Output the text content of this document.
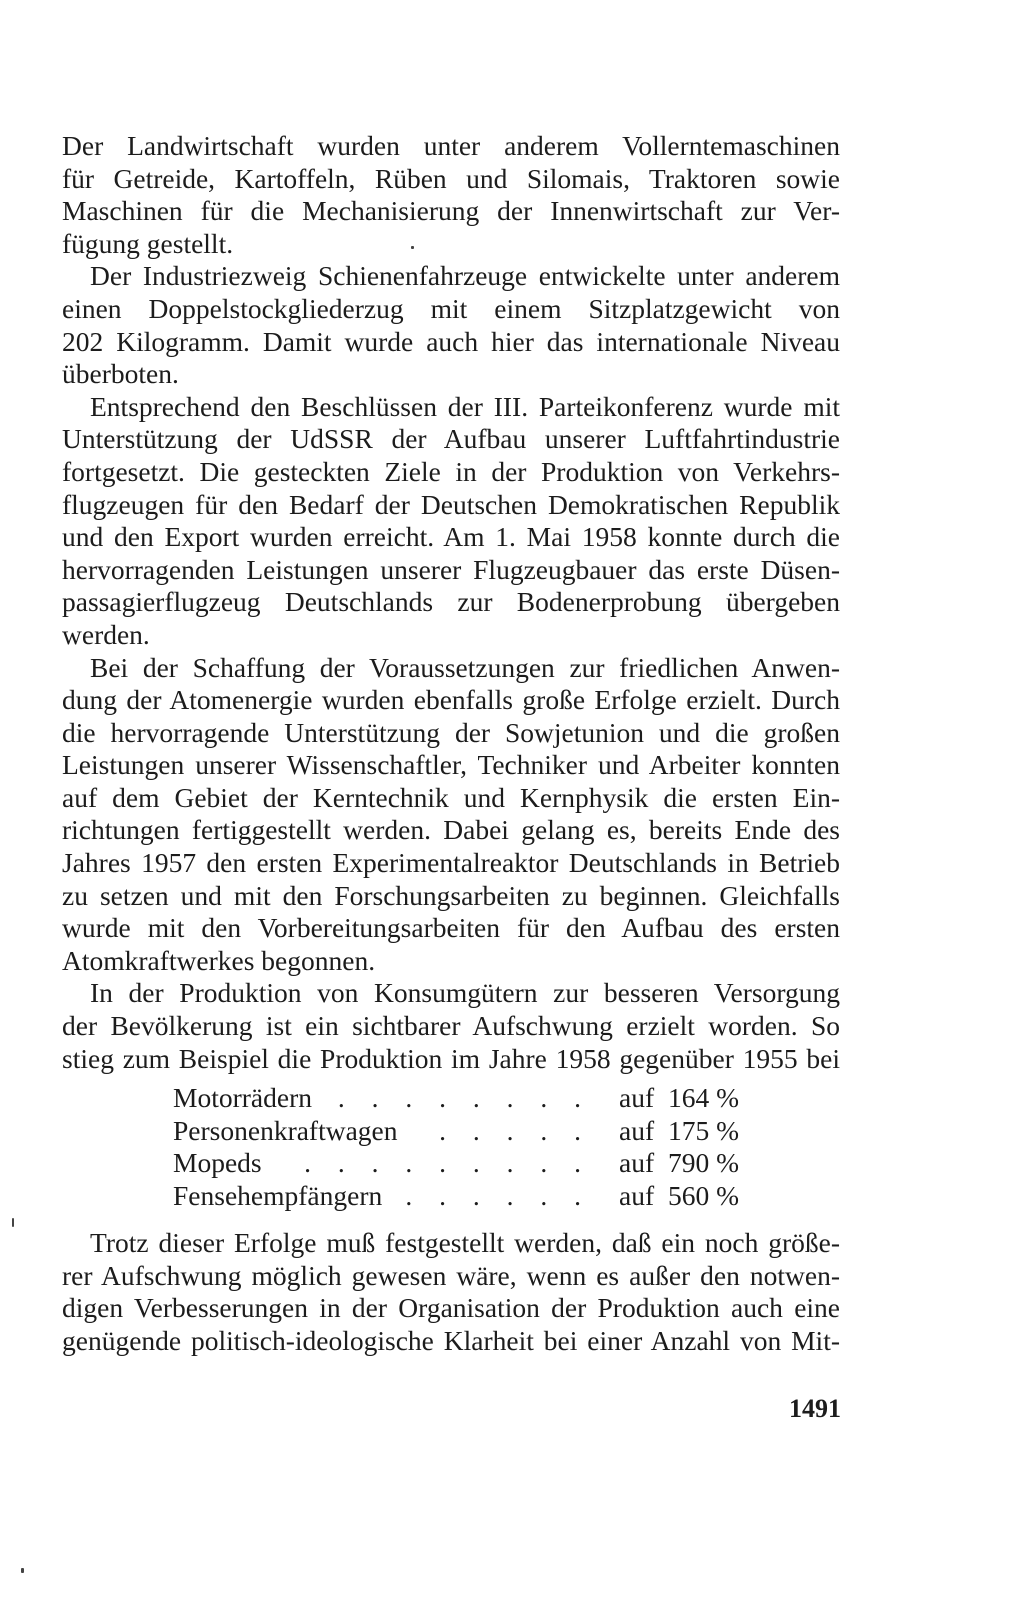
Der Landwirtschaft wurden unter anderem Vollerntemaschinen
für Getreide, Kartoffeln, Rüben und Silomais, Traktoren sowie
Maschinen für die Mechanisierung der Innenwirtschaft zur Ver-
fügung gestellt.
Der Industriezweig Schienenfahrzeuge entwickelte unter anderem
einen Doppelstockgliederzug mit einem Sitzplatzgewicht von
202 Kilogramm. Damit wurde auch hier das internationale Niveau
überboten.
Entsprechend den Beschlüssen der III. Parteikonferenz wurde mit
Unterstützung der UdSSR der Aufbau unserer Luftfahrtindustrie
fortgesetzt. Die gesteckten Ziele in der Produktion von Verkehrs-
flugzeugen für den Bedarf der Deutschen Demokratischen Republik
und den Export wurden erreicht. Am 1. Mai 1958 konnte durch die
hervorragenden Leistungen unserer Flugzeugbauer das erste Düsen-
passagierflugzeug Deutschlands zur Bodenerprobung übergeben
werden.
Bei der Schaffung der Voraussetzungen zur friedlichen Anwen-
dung der Atomenergie wurden ebenfalls große Erfolge erzielt. Durch
die hervorragende Unterstützung der Sowjetunion und die großen
Leistungen unserer Wissenschaftler, Techniker und Arbeiter konnten
auf dem Gebiet der Kerntechnik und Kernphysik die ersten Ein-
richtungen fertiggestellt werden. Dabei gelang es, bereits Ende des
Jahres 1957 den ersten Experimentalreaktor Deutschlands in Betrieb
zu setzen und mit den Forschungsarbeiten zu beginnen. Gleichfalls
wurde mit den Vorbereitungsarbeiten für den Aufbau des ersten
Atomkraftwerkes begonnen.
In der Produktion von Konsumgütern zur besseren Versorgung
der Bevölkerung ist ein sichtbarer Aufschwung erzielt worden. So
stieg zum Beispiel die Produktion im Jahre 1958 gegenüber 1955 bei
Motorrädern . . . . . . . . auf 164 %
Personenkraftwagen . . . . . auf 175 %
Mopeds . . . . . . . . . auf 790 %
Fensehempfängern . . . . . . auf 560 %
Trotz dieser Erfolge muß festgestellt werden, daß ein noch größe-
rer Aufschwung möglich gewesen wäre, wenn es außer den notwen-
digen Verbesserungen in der Organisation der Produktion auch eine
genügende politisch-ideologische Klarheit bei einer Anzahl von Mit-
1491
